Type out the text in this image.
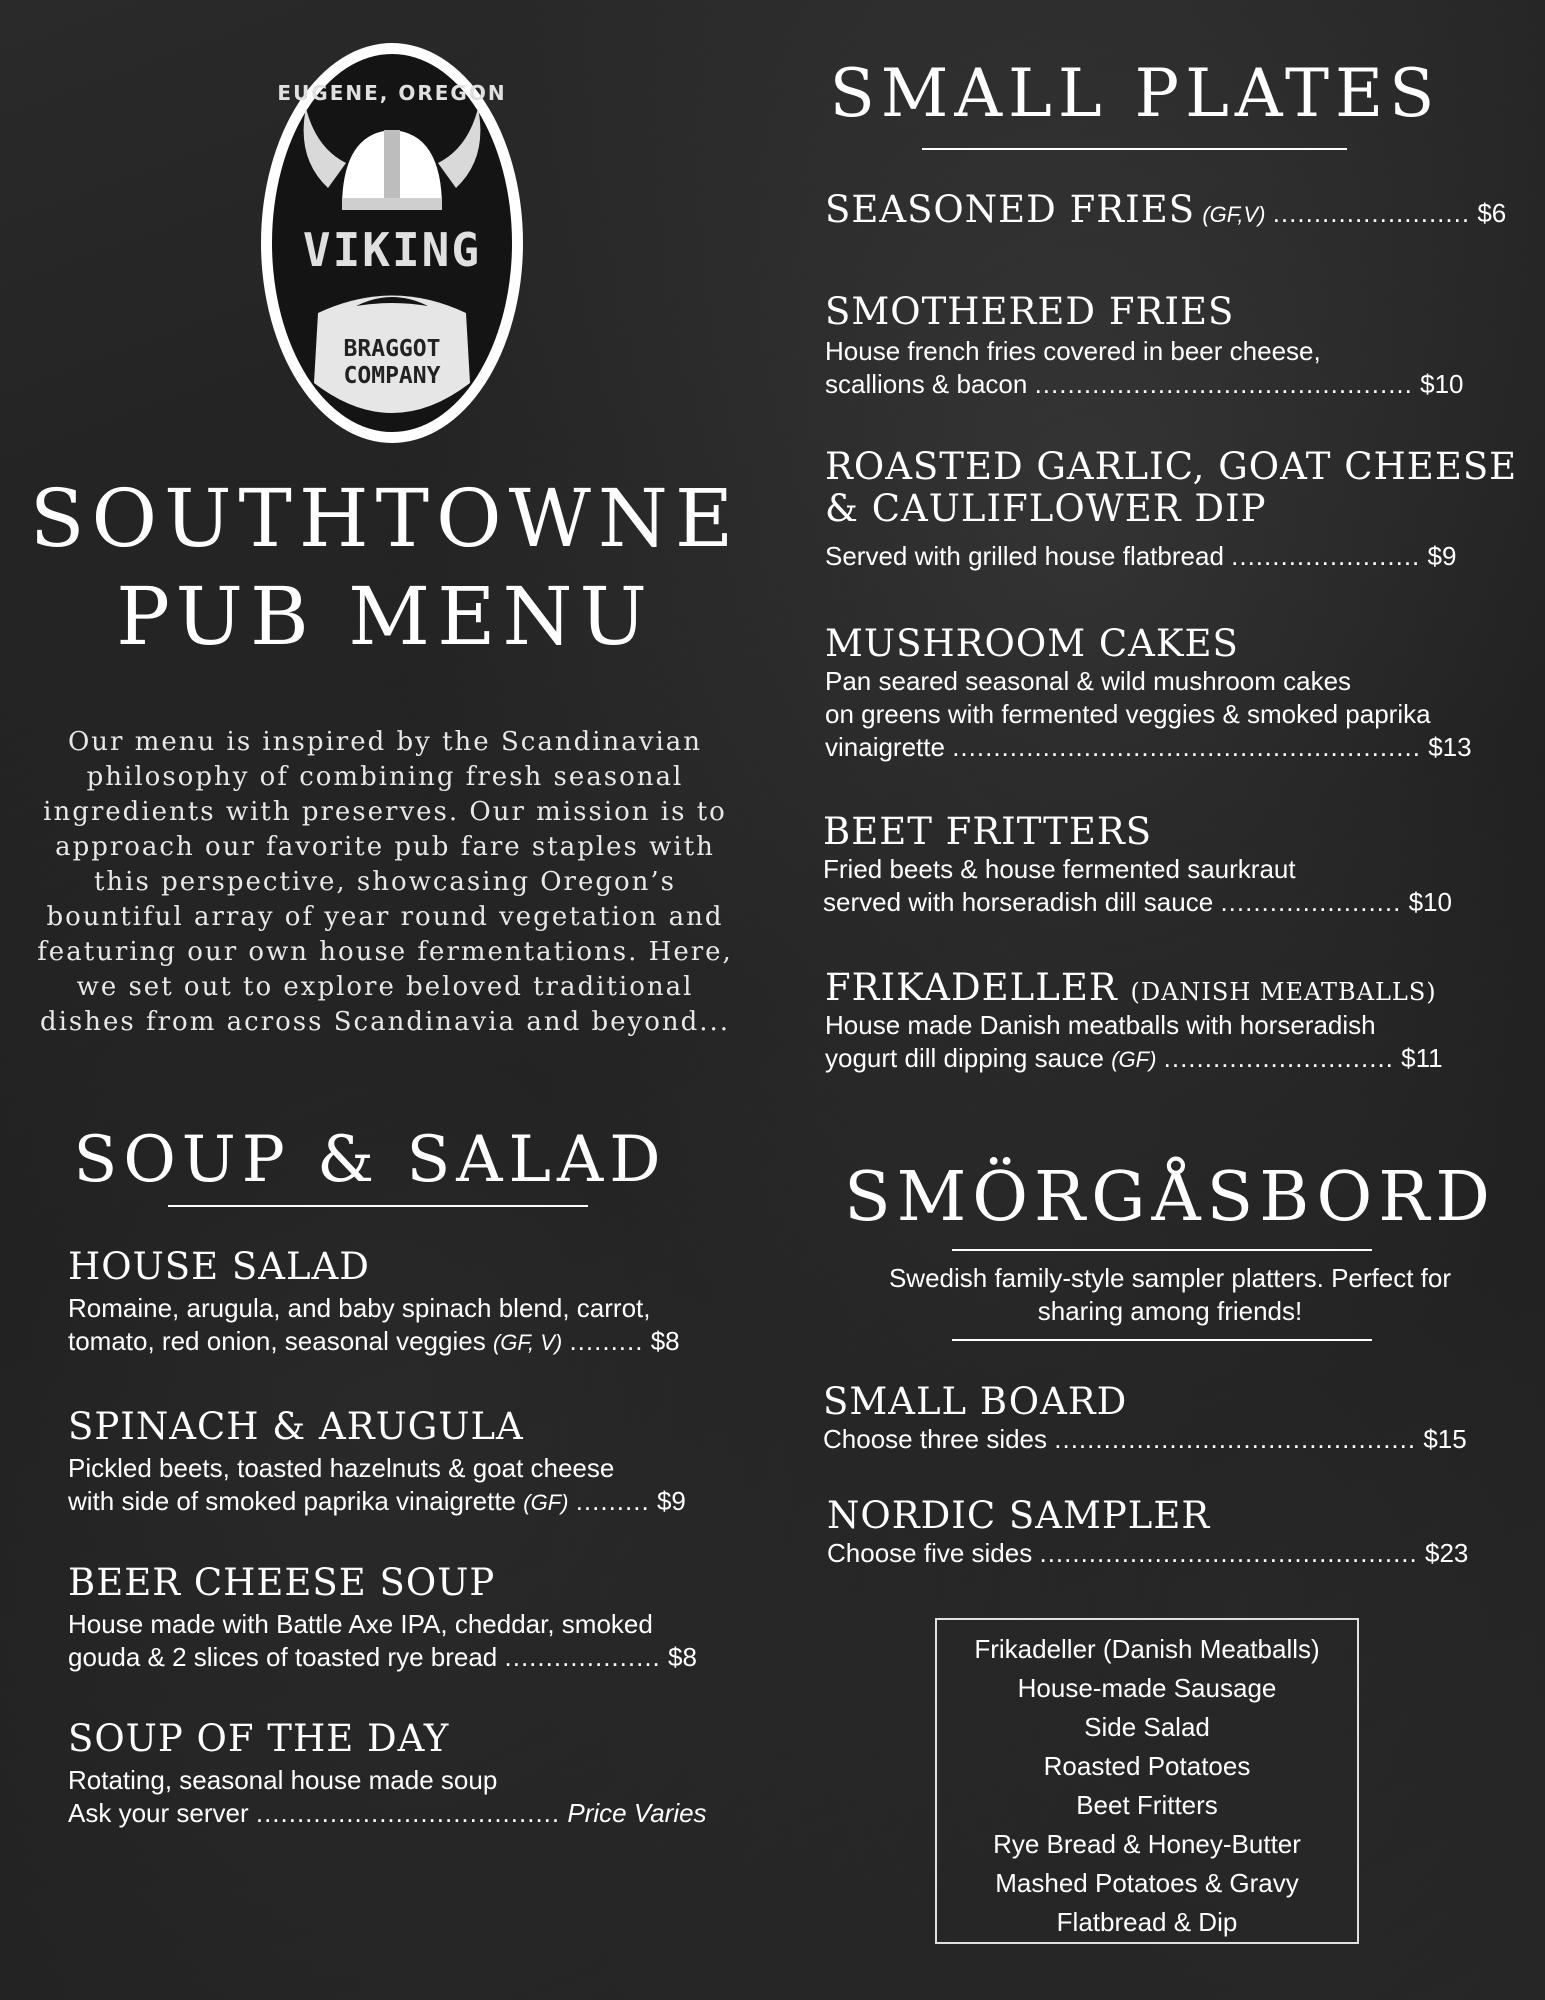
EUGENE, OREGON
VIKING
BRAGGOT
COMPANY
SOUTHTOWNE
PUB MENU
Our menu is inspired by the Scandinavian
philosophy of combining fresh seasonal
ingredients with preserves. Our mission is to
approach our favorite pub fare staples with
this perspective, showcasing Oregon’s
bountiful array of year round vegetation and
featuring our own house fermentations. Here,
we set out to explore beloved traditional
dishes from across Scandinavia and beyond...
SOUP & SALAD
HOUSE SALAD
Romaine, arugula, and baby spinach blend, carrot,
tomato, red onion, seasonal veggies (GF, V) ......... $8
SPINACH & ARUGULA
Pickled beets, toasted hazelnuts & goat cheese
with side of smoked paprika vinaigrette (GF) ......... $9
BEER CHEESE SOUP
House made with Battle Axe IPA, cheddar, smoked
gouda & 2 slices of toasted rye bread ................... $8
SOUP OF THE DAY
Rotating, seasonal house made soup
Ask your server ..................................... Price Varies
SMALL PLATES
SEASONED FRIES (GF,V) ........................ $6
SMOTHERED FRIES
House french fries covered in beer cheese,
scallions & bacon .............................................. $10
ROASTED GARLIC, GOAT CHEESE
& CAULIFLOWER DIP
Served with grilled house flatbread ....................... $9
MUSHROOM CAKES
Pan seared seasonal & wild mushroom cakes
on greens with fermented veggies & smoked paprika
vinaigrette ......................................................... $13
BEET FRITTERS
Fried beets & house fermented saurkraut
served with horseradish dill sauce ...................... $10
FRIKADELLER (DANISH MEATBALLS)
House made Danish meatballs with horseradish
yogurt dill dipping sauce (GF) ............................ $11
SMÖRGÅSBORD
Swedish family-style sampler platters. Perfect for
sharing among friends!
SMALL BOARD
Choose three sides ............................................ $15
NORDIC SAMPLER
Choose five sides .............................................. $23
Frikadeller (Danish Meatballs)
House-made Sausage
Side Salad
Roasted Potatoes
Beet Fritters
Rye Bread & Honey-Butter
Mashed Potatoes & Gravy
Flatbread & Dip
